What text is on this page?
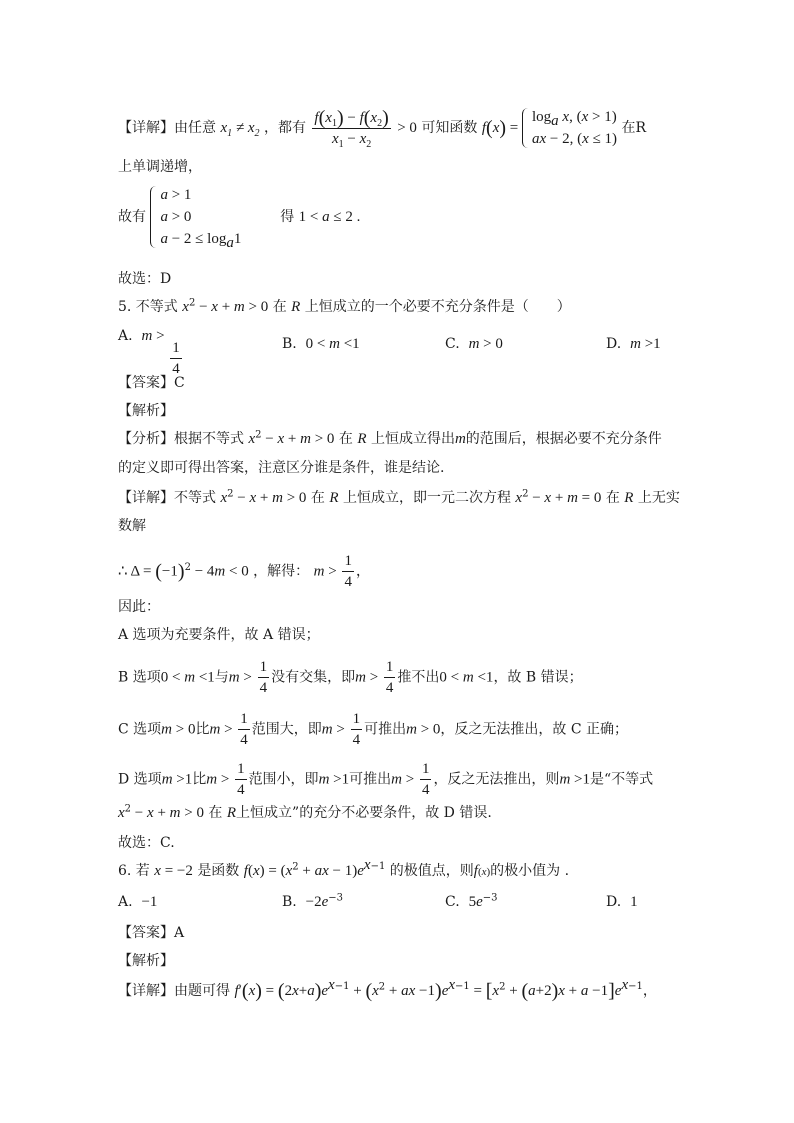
【详解】由任意 $x_1 \ne x_2$ ，都有 $\frac{f(x_1) - f(x_2)}{x_1 - x_2} > 0$ 可知函数 f(x) =
$\log_a x$, (x > 1)
ax − 2, (x ≤ 1)
在R
上单调递增，
故有
a > 1
a > 0
$a - 2 \le \log_a1$
得 1 < a ≤ 2 .
故选：D
5. 不等式 $x^2 - x + m > 0$ 在 R 上恒成立的一个必要不充分条件是（　　）
A. m >
$\frac{1}{4}$	B. 0 < m <1	C. m > 0	D. m >1
【答案】C
【解析】
【分析】根据不等式 $x^2 - x + m > 0$ 在 R 上恒成立得出m的范围后，根据必要不充分条件
的定义即可得出答案，注意区分谁是条件，谁是结论.
【详解】不等式 $x^2 - x + m > 0$ 在 R 上恒成立，即一元二次方程 $x^2 - x + m = 0$ 在 R 上无实
数解
∴ $\Delta = (-1)^2 - 4m < 0$ ，解得： $m > \frac{1}{4}$ ，
因此：
A 选项为充要条件，故 A 错误；
B 选项0 < m <1与$m > \frac{1}{4}$ 没有交集，即$m > \frac{1}{4}$ 推不出0 < m <1，故 B 错误；
C 选项m > 0比$m > \frac{1}{4}$ 范围大，即$m > \frac{1}{4}$ 可推出m > 0，反之无法推出，故 C 正确；
D 选项m >1比$m > \frac{1}{4}$ 范围小，即m >1可推出$m > \frac{1}{4}$ ，反之无法推出，则m >1是“不等式
$x^2 - x + m > 0$ 在 R上恒成立”的充分不必要条件，故 D 错误.
故选：C.
6. 若 x = −2 是函数 $f(x) = (x^2$ + ax − $1)e^{x-1}$ 的极值点，则f(x)的极小值为 .
A. −1	B. $-2e^{-3}$	C. $5e^{-3}$	D. 1
【答案】A
【解析】
【详解】由题可得 $f'(x) = (2x+a)e^{x-1} + (x^2$ + ax $-1)e^{x-1} = [x^2 + (a+2)x + a -1]e^{x-1}$，
